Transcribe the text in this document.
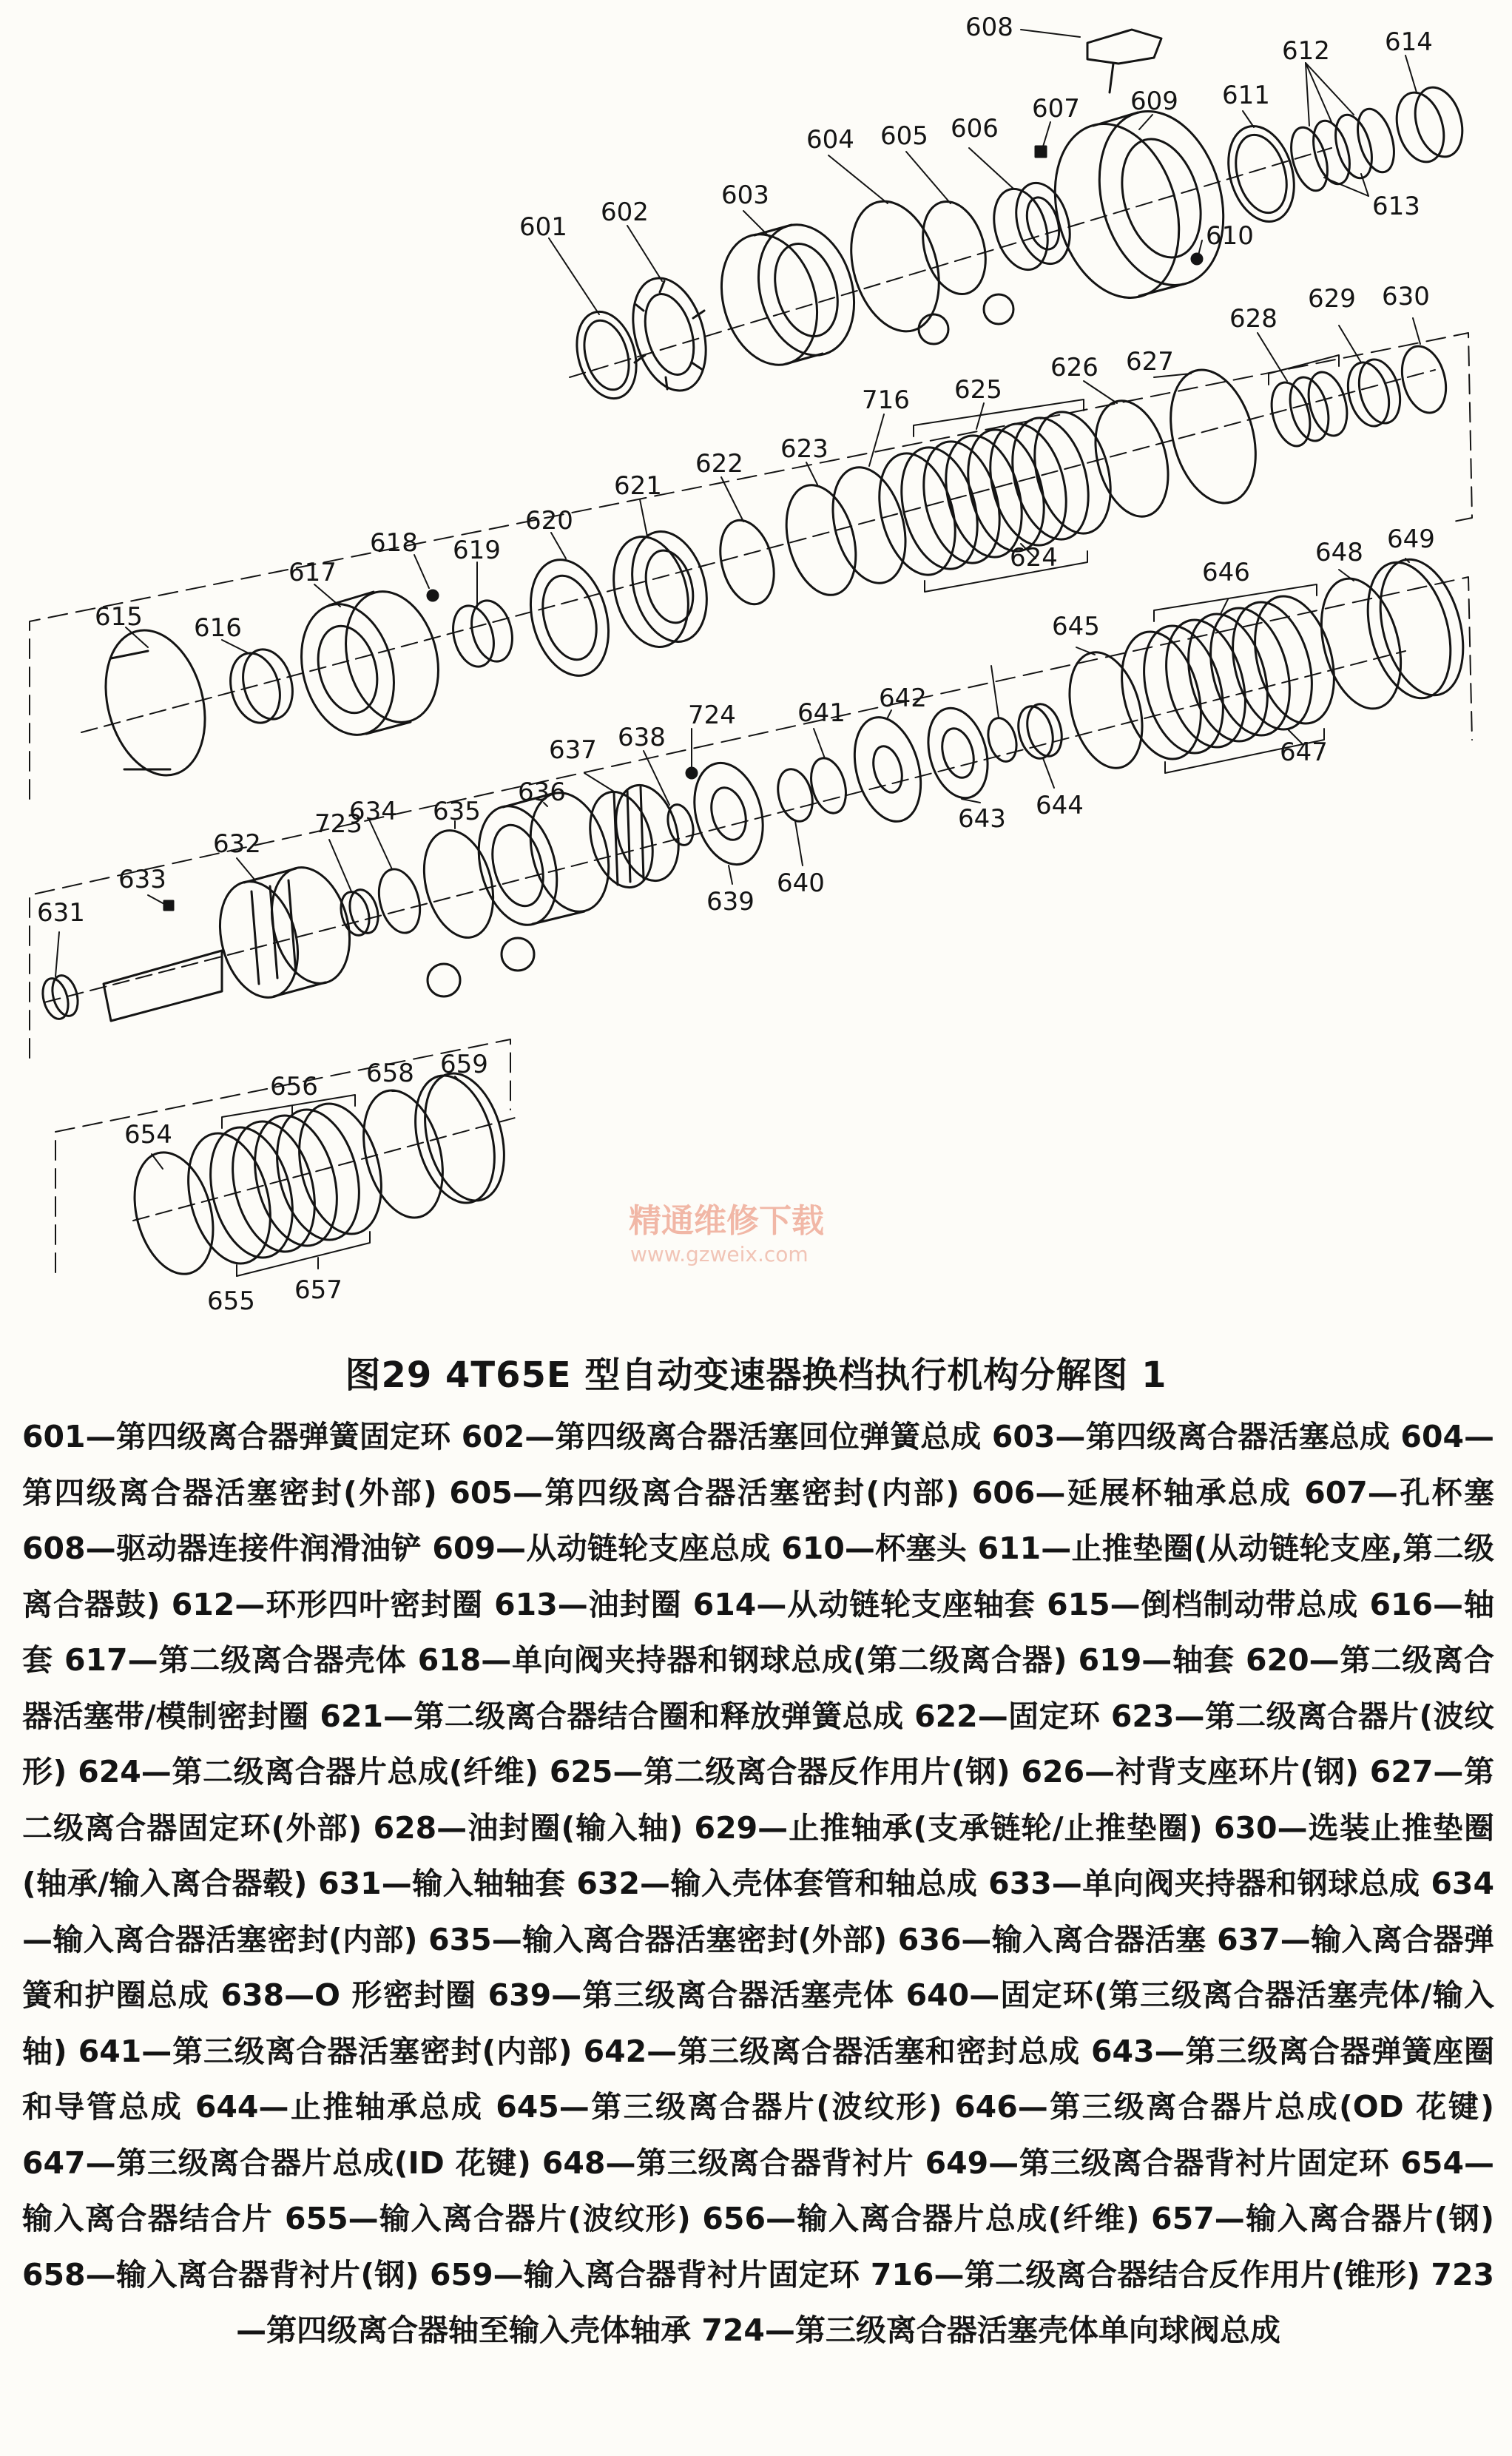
精通维修下载
www.gzweix.com
601 602
603
604 605 606
607
608
609
610
611
612
613
614
615 616
617
618 619
620
621
622 623
624
625
626 627
628
629 630
631
632
633
634 635
636
637 638
639
640
641 642
643 644
645
646
647
648 649
654
655
656
657
658 659
716
723
724
图29 4T65E 型自动变速器换档执行机构分解图 1

601—第四级离合器弹簧固定环 602—第四级离合器活塞回位弹簧总成 603—第四级离合器活塞总成 604—第四级离合器活塞密封(外部) 605—第四级离合器活塞密封(内部) 606—延展杯轴承总成 607—孔杯塞 608—驱动器连接件润滑油铲 609—从动链轮支座总成 610—杯塞头 611—止推垫圈(从动链轮支座,第二级离合器鼓) 612—环形四叶密封圈 613—油封圈 614—从动链轮支座轴套 615—倒档制动带总成 616—轴套 617—第二级离合器壳体 618—单向阀夹持器和钢球总成(第二级离合器) 619—轴套 620—第二级离合器活塞带/模制密封圈 621—第二级离合器结合圈和释放弹簧总成 622—固定环 623—第二级离合器片(波纹形) 624—第二级离合器片总成(纤维) 625—第二级离合器反作用片(钢) 626—衬背支座环片(钢) 627—第二级离合器固定环(外部) 628—油封圈(输入轴) 629—止推轴承(支承链轮/止推垫圈) 630—选装止推垫圈(轴承/输入离合器毂) 631—输入轴轴套 632—输入壳体套管和轴总成 633—单向阀夹持器和钢球总成 634—输入离合器活塞密封(内部) 635—输入离合器活塞密封(外部) 636—输入离合器活塞 637—输入离合器弹簧和护圈总成 638—O 形密封圈 639—第三级离合器活塞壳体 640—固定环(第三级离合器活塞壳体/输入轴) 641—第三级离合器活塞密封(内部) 642—第三级离合器活塞和密封总成 643—第三级离合器弹簧座圈和导管总成 644—止推轴承总成 645—第三级离合器片(波纹形) 646—第三级离合器片总成(OD 花键) 647—第三级离合器片总成(ID 花键) 648—第三级离合器背衬片 649—第三级离合器背衬片固定环 654—输入离合器结合片 655—输入离合器片(波纹形) 656—输入离合器片总成(纤维) 657—输入离合器片(钢) 658—输入离合器背衬片(钢) 659—输入离合器背衬片固定环 716—第二级离合器结合反作用片(锥形) 723—第四级离合器轴至输入壳体轴承 724—第三级离合器活塞壳体单向球阀总成
